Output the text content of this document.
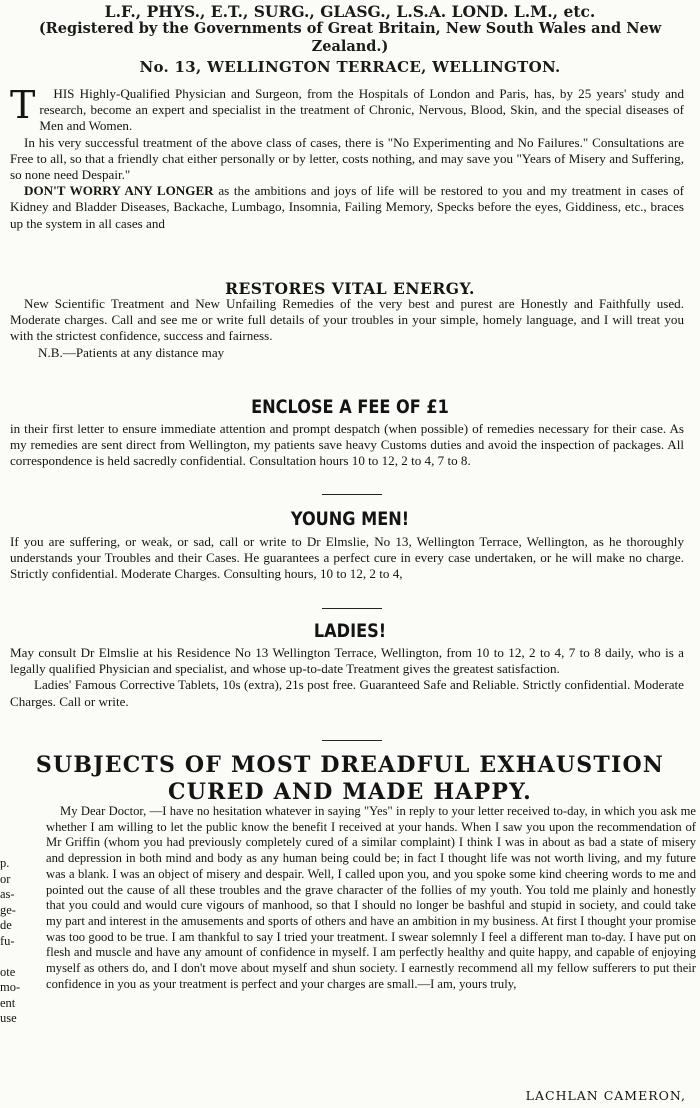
L.F., PHYS., E.T., SURG., GLASG., L.S.A. LOND. L.M., etc.
(Registered by the Governments of Great Britain, New South Wales and New
Zealand.)
No. 13, WELLINGTON TERRACE, WELLINGTON.

T HIS Highly-Qualified Physician and Surgeon, from the Hospitals of London and Paris, has, by 25 years' study and research, become an expert and specialist in the treatment of Chronic, Nervous, Blood, Skin, and the special diseases of Men and Women.

In his very successful treatment of the above class of cases, there is "No Experimenting and No Failures." Consultations are Free to all, so that a friendly chat either personally or by letter, costs nothing, and may save you "Years of Misery and Suffering, so none need Despair."

DON'T WORRY ANY LONGER as the ambitions and joys of life will be restored to you and my treatment in cases of Kidney and Bladder Diseases, Backache, Lumbago, Insomnia, Failing Memory, Specks before the eyes, Giddiness, etc., braces up the system in all cases and

RESTORES VITAL ENERGY.

New Scientific Treatment and New Unfailing Remedies of the very best and purest are Honestly and Faithfully used. Moderate charges. Call and see me or write full details of your troubles in your simple, homely language, and I will treat you with the strictest confidence, success and fairness.

N.B.—Patients at any distance may

ENCLOSE A FEE OF £1

in their first letter to ensure immediate attention and prompt despatch (when possible) of remedies necessary for their case. As my remedies are sent direct from Wellington, my patients save heavy Customs duties and avoid the inspection of packages. All correspondence is held sacredly confidential. Consultation hours 10 to 12, 2 to 4, 7 to 8.

YOUNG MEN!

If you are suffering, or weak, or sad, call or write to Dr Elmslie, No 13, Wellington Terrace, Wellington, as he thoroughly understands your Troubles and their Cases. He guarantees a perfect cure in every case undertaken, or he will make no charge. Strictly confidential. Moderate Charges. Consulting hours, 10 to 12, 2 to 4,

LADIES!

May consult Dr Elmslie at his Residence No 13 Wellington Terrace, Wellington, from 10 to 12, 2 to 4, 7 to 8 daily, who is a legally qualified Physician and specialist, and whose up-to-date Treatment gives the greatest satisfaction.

Ladies' Famous Corrective Tablets, 10s (extra), 21s post free. Guaranteed Safe and Reliable. Strictly confidential. Moderate Charges. Call or write.

SUBJECTS OF MOST DREADFUL EXHAUSTION
CURED AND MADE HAPPY.

My Dear Doctor, —I have no hesitation whatever in saying "Yes" in reply to your letter received to-day, in which you ask me whether I am willing to let the public know the benefit I received at your hands. When I saw you upon the recommendation of Mr Griffin (whom you had previously completely cured of a similar complaint) I think I was in about as bad a state of misery and depression in both mind and body as any human being could be; in fact I thought life was not worth living, and my future was a blank. I was an object of misery and despair. Well, I called upon you, and you spoke some kind cheering words to me and pointed out the cause of all these troubles and the grave character of the follies of my youth. You told me plainly and honestly that you could and would cure vigours of manhood, so that I should no longer be bashful and stupid in society, and could take my part and interest in the amusements and sports of others and have an ambition in my business. At first I thought your promise was too good to be true. I am thankful to say I tried your treatment. I swear solemnly I feel a different man to-day. I have put on flesh and muscle and have any amount of confidence in myself. I am perfectly healthy and quite happy, and capable of enjoying myself as others do, and I don't move about myself and shun society. I earnestly recommend all my fellow sufferers to put their confidence in you as your treatment is perfect and your charges are small.—I am, yours truly,

LACHLAN CAMERON,
p.
or
as-
ge-
de
fu-
ote
mo-
ent
use
